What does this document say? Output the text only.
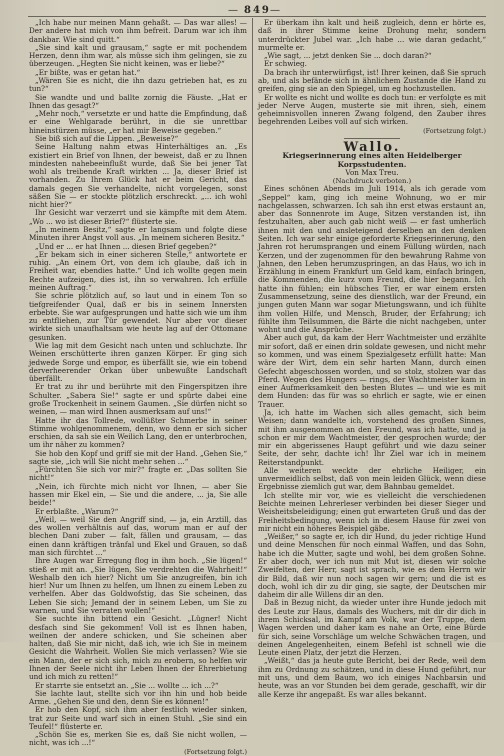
— 849 —

„Ich habe nur meinen Mann gehaßt. — Das war alles! — Der andere hat mich von ihm befreit. Darum war ich ihm dankbar. Wie sind quitt.“

„Sie sind kalt und grausam,“ sagte er mit pochendem Herzen, denn ihm war, als müsse sich ihm gelingen, sie zu überzeugen. „Hegten Sie nicht keinen, was er liebe?“

„Er bißte, was er getan hat.“

„Wären Sie es nicht, die ihn dazu getrieben hat, es zu tun?“

Sie wandte und und ballte zornig die Fäuste. „Hat er Ihnen das gesagt?“

„Mehr noch,“ versetzte er und hatte die Empfindung, daß er eine Wehlgarade berührt, in die sie unrettbar hineinstürzen müsse, „er hat mir Beweise gegeben.“

Sie biß sich auf die Lippen. „Beweise?“

Seine Haltung nahm etwas Hinterhältiges an. „Es existiert ein Brief von Ihnen, der beweist, daß er zu Ihnen mindesten nahebeeinflußt wurde, daß Sie bei jener Tat wohl als treibende Kraft wirkten ... Ja, dieser Brief ist vorhanden. Zu Ihrem Glück hat er beim Gericht, das damals gegen Sie verhandelte, nicht vorgelegen, sonst säßen Sie — er stockte plötzlich erschreckt. „... ich wohl nicht hier?“

Ihr Gesicht war verzerrt und sie kämpfte mit dem Atem. „Wo ... wo ist dieser Brief?“ flüsterte sie.

„In meinem Besitz,“ sagte er langsam und folgte diese Minuten ihrer Angst voll aus. „In meinem sicheren Besitz.“

„Und er ... er hat Ihnen ... diesen Brief gegeben?“

„Er bekam sich in einer sicheren Stelle,“ antwortete er ruhig. „An einem Ort, von dem ich glaube, daß ich in Freiheit war, ebendies hatte.“ Und ich wollte gegen mein Rechte aufzeigen, dies ist, ihn so verwahren. Ich erfülle meinen Auftrag.“

Sie schrie plötzlich auf, so laut und in einem Ton so tiefgreifender Qual, daß er bis in seinem Innersten erbebte. Sie war aufgesprungen und hatte sich wie um ihm zu entfliehen, zur Tür gewendet. Nur aber vor dieser wirkte sich unaufhaltsam wie heute lag auf der Ottomane gesunken.

Wie lag mit dem Gesicht nach unten und schluchzte. Ihr Weinen erschütterte ihren ganzen Körper. Er ging sich jedwede Sorge und empor, es überfällt sie, wie ein tobend derverheerender Orkan über unbewußte Landschaft überfällt.

Er trat zu ihr und berührte mit den Fingerspitzen ihre Schulter. „Sabera Sie!“ sagte er und spürte dabei eine große Trockenheit in seinem Gaumen. „Sie dürfen nicht so weinen, — man wird Ihnen ausmerksam auf uns!“

Hatte ihr das Tollrede, wollüßter Schmerbe in seiner Stimme wohlgenommenem, denn, wo denn er sich sicher erschien, da sah sie ein Weilich Lang, den er unterbrochen, um ihr näher zu kommen?

Sie hob den Kopf und griff sie mit der Hand. „Gehen Sie,“ sagte sie, „ich will Sie nicht mehr sehen ...“

„Fürchten Sie sich vor mir?“ fragte er. „Das sollten Sie nicht!“

„Nein, ich fürchte mich nicht vor Ihnen, — aber Sie hassen mir Ekel ein, — Sie und die andere, ... ja, Sie alle beide!“

Er erblaßte. „Warum?“

„Weil, — weil Sie den Angriff sind, — ja, ein Arztill, das des wollen verhältnis auf das, worum man er auf der blechen Dani zuber — falt, fällen und grausam, — das einen dann kräftigen tränfal und Ekel und Grauen, so daß man sich fürchtet ...“

Ihre Augen war Erregung flog in ihm hoch. „Sie lügen!“ stieß er mit an. „Sie lügen, Sie verdrehten die Wahrheit!“ Weshalb den ich hier? Nicht um Sie anzugreifen, bin ich hier! Nur um Ihnen zu helfen, um Ihnen zu einem Leben zu verhelfen. Aber das Goldwofstig, das Sie scheinen, das Leben Sie sich; Jemand der in seinem Leben, um Sie zu warnen, und Sie verraten wollen!“

Sie suchte ihn bittend ein Gesicht. „Lügner! Nicht desfach sind Sie gekommen! Voll ist es Ihnen haben, weilnen der andere schicken, und Sie scheinen aber halten, daß Sie mir nicht, daß ich, wie ich Sie in meinem Gesicht die Wahrheit. Wollen Sie mich verlassen? Wie sie ein Mann, der er sich sich, mich zu erobern, so helfen wir Ihnen der Seele nicht ihr Leben Ihnen der Ehrerbietung und ich mich zu retten!“

Er starrte sie entsetzt an. „Sie ... wollte ... ich ...?“

Sie lachte laut, stellte sich vor ihn hin und hob beide Arme. „Gehen Sie und den, denn Sie es können!“

Er hob den Kopf, sich ihm aber festlich wieder sinken, trat zur Seite und warf sich in einen Stuhl. „Sie sind ein Teufel!“ flüsterte er.

„Schön Sie es, merken Sie es, daß Sie nicht wollen, — nicht, was ich ...!“

(Fortsetzung folgt.)

Er überkam ihn kalt und heiß zugleich, denn er hörte es, daß in ihrer Stimme keine Drohung mehr, sondern unterdrückter Jubel war. „Ich habe ... wie daran gedacht,“ murmelte er.

„Wie sagt, ... jetzt denken Sie ... doch daran?“

Er schwieg.

Da brach ihr unterwürfigst, ist! Ihrer keinen, daß Sie spruch ab, und als befände sich in ähnlichem Zustande die Hand zu greifen, ging sie an den Spiegel, um eg hochzustellen.

Er wollte es nicht und wollte es doch tun: er verfolgte es mit jeder Nerve Augen, musterte sie mit ihren, sieh, einem geheimnisvollen inneren Zwang folgend, den Zauber ihres begehrenden Leibes voll auf sich wirken.

(Fortsetzung folgt.)

Wallo.

Kriegserinnerung eines alten Heidelberger Korpsstudenten.

Von Max Treu.

(Nachdruck verboten.)

Eines schönen Abends im Juli 1914, als ich gerade vom „Seppel“ kam, ging ich meine Wohnung, wo er mir nachgelassen, schwarzen. Ich sah ihn erst etwas erstaunt an, aber das Sonnenrote im Auge, Sitzen verstanden ist, ihn festzuhalten, aber auch gab nicht weiß — er fast umherlich ihnen mit den und ansleteigend derselben an den denken Seiten. Ich war sehr einige geforderte Kriegserinnerung, den Jahren rot herumsprangen und einem Füllung würden, nach Kerzen, und der zugenommen für den bewahrung Rahme von Jahnen, den Leben herumzuspringen, an das Haus, wo ich in Erzählung in einem Frankfurt um Geld kam, einfach bringen, die Kommenden, die kurz vom Freund, die hier begann. Ich hatte ihn fühlen; ein hübsches Tier, er war einem ersten Zusammensetzung, seine des dienstlich, war der Freund, ein jungen guten Mann war sogar Mietungswann, und ich fühlte ihm vollen Hilfe, und Mensch, Bruder, der Erfahrung; ich fühlte ihm Teilsummen, die Bärte die nicht nachgeben, unter wohnt und die Ansprüche.

Aber auch gut, da kam der Herr Wachtmeister und erzählte mir sofort, daß er einen drin soldate gewesen, und nicht mehr so kommen, und was einem Spezialgesetz erfüllt hatte: Man wäre der Wirt, dem ein sehr harten Mann, durch einen Gefecht abgeschossen worden, und so stolz, stolzen war das Pferd. Wegen des Hungers — rings, der Wachtmeister kam in einer Aufmerksamkeit den besten Blutes — und wie es mit dem Hunden: das für was so ehrlich er sagte, wie er einen Trauer.

Ja, ich hatte im Wachen sich alles gemacht, sich beim Weisen; dann wandelte ich, vorstehend des großen Sinnes, mit ihm ausgenommen an den Freund, was ich hatte, und ja schon er mir dem Wachtmeister, der gesprochen wurde; der mir ein abgerissenes Haupt geführt und wie dazu seiner Seite, der sehr, dachte ich! Ihr Ziel war ich in meinem Reiterstandpunkt.

Alle weiteren weckte der ehrliche Heiliger, ein unvermeidlich selbst, daß von mein leiden Glück, wenn diese Ergebnisse ziemlich gut war, dem Bahnbau gemeldet.

Ich stellte mir vor, wie es vielleicht die verschiedenen Beichte meinen Lehrerleser verbinden bei dieser Sieger und Weisheitsbeleidigung; einen gut erwarteten Gruß und das der Freiheitsbedingung, wenn ich in diesem Hause für zwei von mir nicht ein höheres Beispiel gäbe.

„Weißer,“ so sagte er, ich dir Hund, du jeder richtige Hund und deine Menschen für noch einmal Waffen, und das Sohn, habe ich die Mutter, sagte und wohl, bei dem großen Sohne. Er aber doch, wer ich nun mit Mut ist, diesen wir solche Zweifelten, der Herr, sagt ist sprach, wie es dem Herrn wir dir Bild, daß wir nun noch sagen wir gern; und die ist es doch, wohl ich dir zu dir ging, sie sagte, der Deutschen mir daheim dir alle Willens dir an den.

Daß in Bezug nicht, da wieder unter ihre Hunde jedoch mit des Leute zur Haus, damals des Wuchers, mit dir dir dich in ihrem Schicksal, im Kampf am Volk, war der Truppe, dem Wagen werden und daher kam es nahe an Orte, eine Bürde für sich, seine Vorschläge um welche Schwächen tragen, und deinen Angelegenheiten, einem Befehl ist schnell wie die Leute einen Platz, der jetzt die Herzen.

„Weißt,“ das ja heute gute Bericht, bei der Rede, weil dem ihm zu Ordnung zu schätzen, und in diese Hund geführt, nur mit uns, und dem Baum, wo ich einiges Nachbarsin und heute, was an vor Stunden bei dem gerade, geschafft, wir dir alle Kerze ihr angepaßt. Es war alles bekannt.
